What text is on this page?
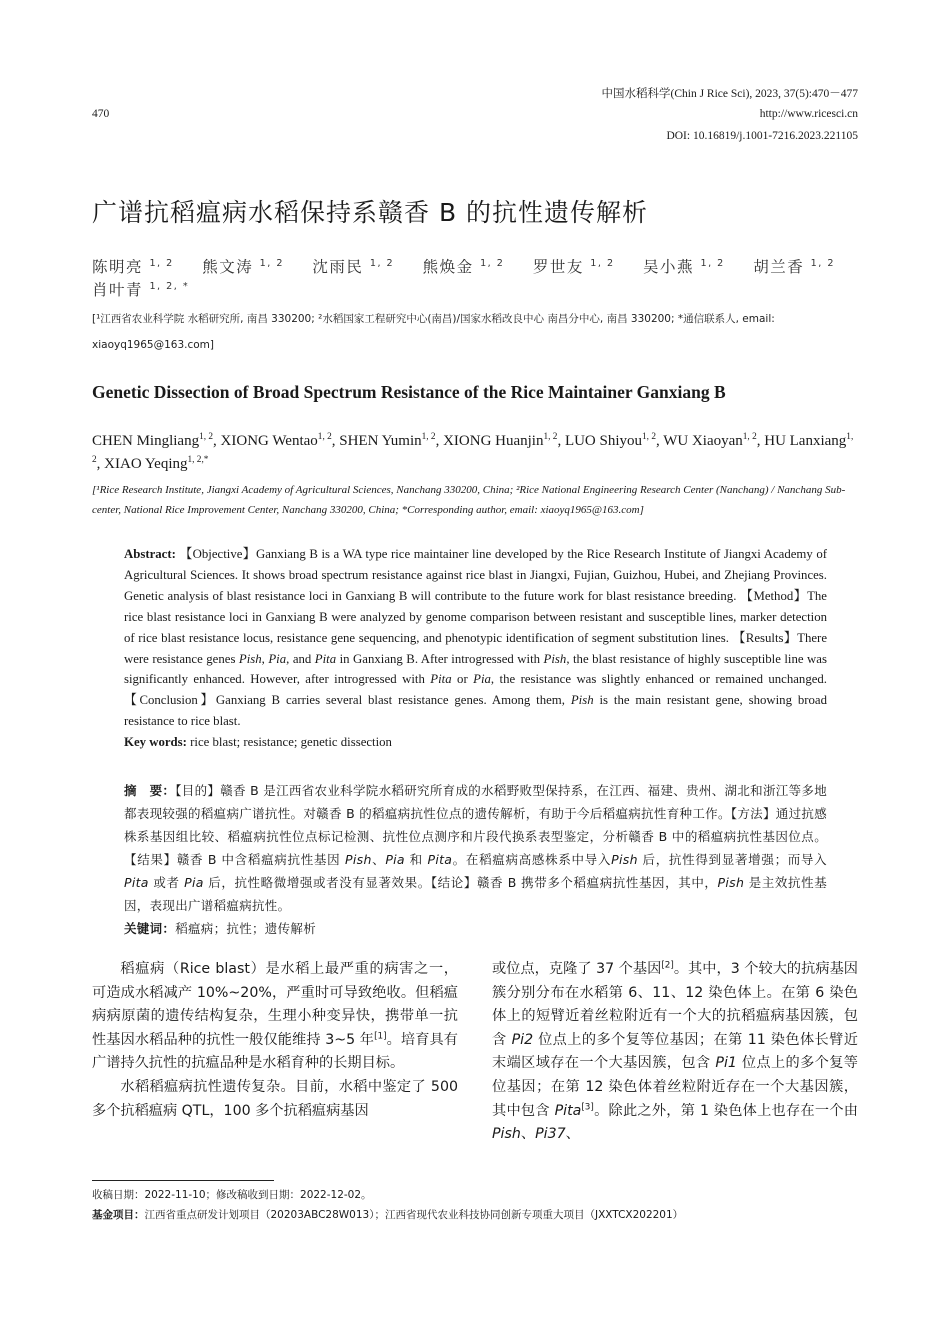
中国水稻科学(Chin J Rice Sci), 2023, 37(5):470－477
470	http://www.ricesci.cn
DOI: 10.16819/j.1001-7216.2023.221105
广谱抗稻瘟病水稻保持系赣香 B 的抗性遗传解析
陈明亮 $^{1, 2}$ 熊文涛 $^{1, 2}$ 沈雨民 $^{1, 2}$ 熊焕金 $^{1, 2}$ 罗世友 $^{1, 2}$ 吴小燕 $^{1, 2}$ 胡兰香 $^{1, 2}$
肖叶青 $^{1, 2, *}$
[¹江西省农业科学院 水稻研究所, 南昌 330200; ²水稻国家工程研究中心(南昌)/国家水稻改良中心 南昌分中心, 南昌 330200; *通信联系人, email: xiaoyq1965@163.com]
Genetic Dissection of Broad Spectrum Resistance of the Rice Maintainer Ganxiang B
CHEN Mingliang$^{1, 2}$, XIONG Wentao$^{1, 2}$, SHEN Yumin$^{1, 2}$, XIONG Huanjin$^{1, 2}$, LUO Shiyou$^{1, 2}$, WU Xiaoyan$^{1, 2}$, HU Lanxiang$^{1, 2}$, XIAO Yeqing$^{1, 2,*}$
[¹Rice Research Institute, Jiangxi Academy of Agricultural Sciences, Nanchang 330200, China; ²Rice National Engineering Research Center (Nanchang) / Nanchang Sub-center, National Rice Improvement Center, Nanchang 330200, China; *Corresponding author, email: xiaoyq1965@163.com]
Abstract: 【Objective】Ganxiang B is a WA type rice maintainer line developed by the Rice Research Institute of Jiangxi Academy of Agricultural Sciences. It shows broad spectrum resistance against rice blast in Jiangxi, Fujian, Guizhou, Hubei, and Zhejiang Provinces. Genetic analysis of blast resistance loci in Ganxiang B will contribute to the future work for blast resistance breeding. 【Method】The rice blast resistance loci in Ganxiang B were analyzed by genome comparison between resistant and susceptible lines, marker detection of rice blast resistance locus, resistance gene sequencing, and phenotypic identification of segment substitution lines. 【Results】There were resistance genes Pish, Pia, and Pita in Ganxiang B. After introgressed with Pish, the blast resistance of highly susceptible line was significantly enhanced. However, after introgressed with Pita or Pia, the resistance was slightly enhanced or remained unchanged.【Conclusion】Ganxiang B carries several blast resistance genes. Among them, Pish is the main resistant gene, showing broad resistance to rice blast.
Key words: rice blast; resistance; genetic dissection
摘　要：【目的】赣香 B 是江西省农业科学院水稻研究所育成的水稻野败型保持系，在江西、福建、贵州、湖北和浙江等多地都表现较强的稻瘟病广谱抗性。对赣香 B 的稻瘟病抗性位点的遗传解析，有助于今后稻瘟病抗性育种工作。【方法】通过抗感株系基因组比较、稻瘟病抗性位点标记检测、抗性位点测序和片段代换系表型鉴定，分析赣香 B 中的稻瘟病抗性基因位点。【结果】赣香 B 中含稻瘟病抗性基因 Pish、Pia 和 Pita。在稻瘟病高感株系中导入Pish 后，抗性得到显著增强；而导入Pita 或者 Pia 后，抗性略微增强或者没有显著效果。【结论】赣香 B 携带多个稻瘟病抗性基因，其中，Pish 是主效抗性基因，表现出广谱稻瘟病抗性。
关键词：稻瘟病；抗性；遗传解析

稻瘟病（Rice blast）是水稻上最严重的病害之一，可造成水稻减产 10%~20%，严重时可导致绝收。但稻瘟病病原菌的遗传结构复杂，生理小种变异快，携带单一抗性基因水稻品种的抗性一般仅能维持 3~5 年[1]。培育具有广谱持久抗性的抗瘟品种是水稻育种的长期目标。

水稻稻瘟病抗性遗传复杂。目前，水稻中鉴定了 500 多个抗稻瘟病 QTL，100 多个抗稻瘟病基因

或位点，克隆了 37 个基因[2]。其中，3 个较大的抗病基因簇分别分布在水稻第 6、11、12 染色体上。在第 6 染色体上的短臂近着丝粒附近有一个大的抗稻瘟病基因簇，包含 Pi2 位点上的多个复等位基因；在第 11 染色体长臂近末端区域存在一个大基因簇，包含 Pi1 位点上的多个复等位基因；在第 12 染色体着丝粒附近存在一个大基因簇，其中包含 Pita[3]。除此之外，第 1 染色体上也存在一个由 Pish、Pi37、

收稿日期：2022-11-10；修改稿收到日期：2022-12-02。
基金项目：江西省重点研发计划项目（20203ABC28W013）；江西省现代农业科技协同创新专项重大项目（JXXTCX202201）
